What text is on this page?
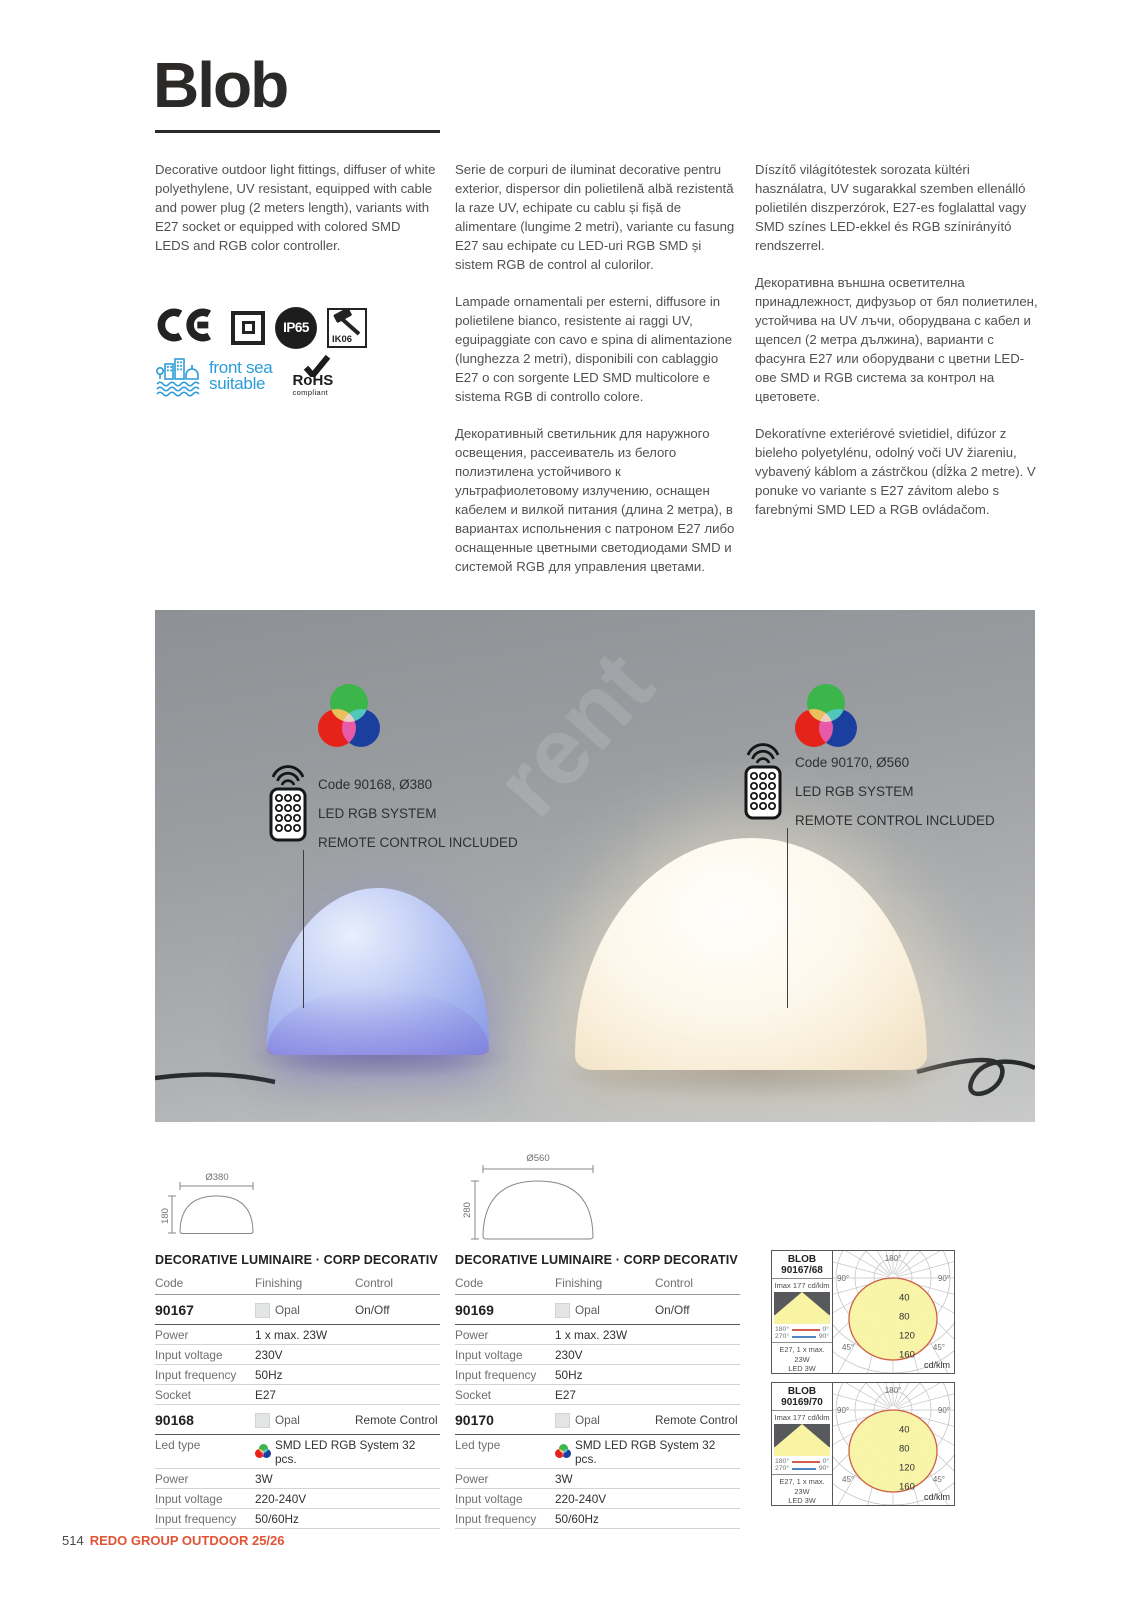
Blob

Decorative outdoor light fittings, diffuser of white polyethylene, UV resistant, equipped with cable and power plug (2 meters length), variants with E27 socket or equipped with colored SMD LEDS and RGB color controller.

IP65
IK06
front sea
suitable	RoHS
compliant

Serie de corpuri de iluminat decorative pentru exterior, dispersor din polietilenă albă rezistentă la raze UV, echipate cu cablu și fișă de alimentare (lungime 2 metri), variante cu fasung E27 sau echipate cu LED-uri RGB SMD și sistem RGB de control al culorilor.

Lampade ornamentali per esterni, diffusore in polietilene bianco, resistente ai raggi UV, eguipaggiate con cavo e spina di alimentazione (lunghezza 2 metri), disponibili con cablaggio E27 o con sorgente LED SMD multicolore e sistema RGB di controllo colore.

Декоративный светильник для наружного освещения, рассеиватель из белого полиэтилена устойчивого к ультрафиолетовому излучению, оснащен кабелем и вилкой питания (длина 2 метра), в вариантах испольнения с патроном E27 либо оснащенные цветными светодиодами SMD и системой RGB для управления цветами.

Díszítő világítótestek sorozata kültéri használatra, UV sugarakkal szemben ellenálló polietilén diszperzórok, E27-es foglalattal vagy SMD színes LED-ekkel és RGB színirányító rendszerrel.

Декоративна външна осветителна принадлежност, дифузьор от бял полиетилен, устойчива на UV лъчи, оборудвана с кабел и щепсел (2 метра дължина), варианти с фасунга E27 или оборудвани с цветни LED-ове SMD и RGB система за контрол на цветовете.

Dekoratívne exteriérové svietidiel, difúzor z bieleho polyetylénu, odolný voči UV žiareniu, vybavený káblom a zástrčkou (dĺžka 2 metre). V ponuke vo variante s E27 závitom alebo s farebnými SMD LED a RGB ovládačom.

rent
Code 90168, Ø380
LED RGB SYSTEM
REMOTE CONTROL INCLUDED
Code 90170, Ø560
LED RGB SYSTEM
REMOTE CONTROL INCLUDED
Ø380
180
Ø560
280
DECORATIVE LUMINAIRE · CORP DECORATIV
Code	Finishing	Control
90167	Opal	On/Off
Power	1 x max. 23W
Input voltage	230V
Input frequency	50Hz
Socket	E27
90168	Opal	Remote Control
Led type	SMD LED RGB System 32 pcs.
Power	3W
Input voltage	220-240V
Input frequency	50/60Hz
DECORATIVE LUMINAIRE · CORP DECORATIV
Code	Finishing	Control
90169	Opal	On/Off
Power	1 x max. 23W
Input voltage	230V
Input frequency	50Hz
Socket	E27
90170	Opal	Remote Control
Led type	SMD LED RGB System 32 pcs.
Power	3W
Input voltage	220-240V
Input frequency	50/60Hz
BLOB
90167/68
Imax 177 cd/klm
180°	0°
270°	90°
E27, 1 x max. 23W
LED 3W
180°
90°	90°
45°	45°
40
80
120
160
cd/klm
BLOB
90169/70
Imax 177 cd/klm
180°	0°
270°	90°
E27, 1 x max. 23W
LED 3W
180°
90°	90°
45°	45°
40
80
120
160
cd/klm
514 REDO GROUP OUTDOOR 25/26
